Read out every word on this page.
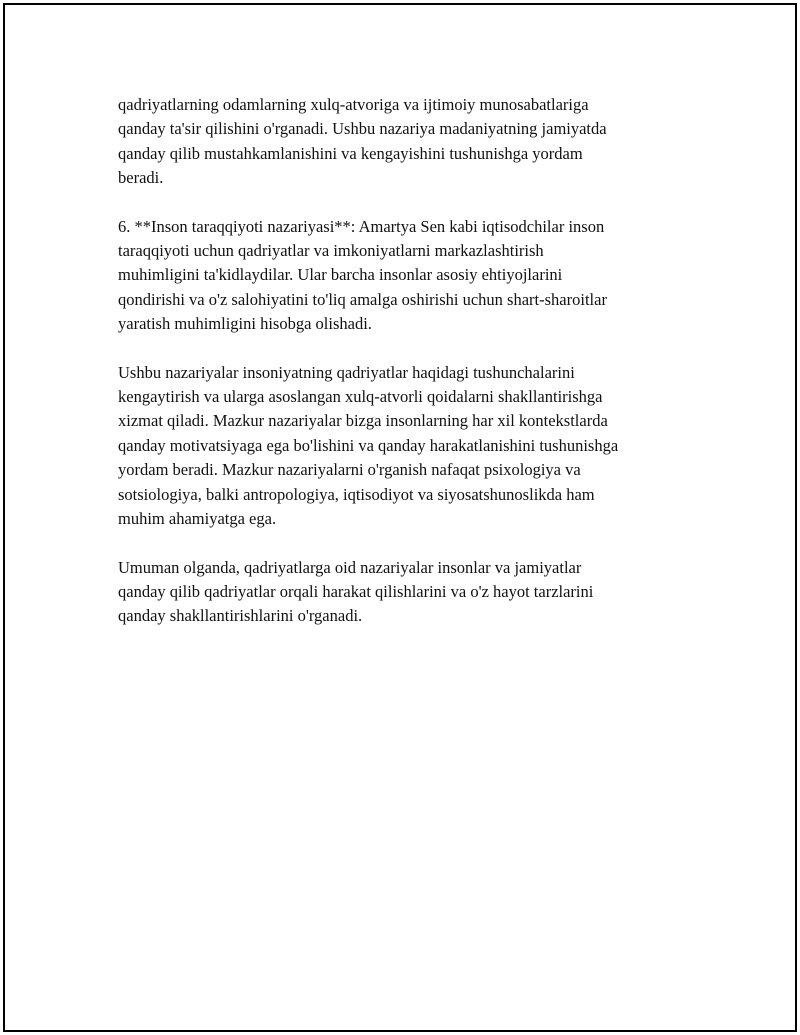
qadriyatlarning odamlarning xulq-atvoriga va ijtimoiy munosabatlariga
qanday ta'sir qilishini o'rganadi. Ushbu nazariya madaniyatning jamiyatda
qanday qilib mustahkamlanishini va kengayishini tushunishga yordam
beradi.

6. **Inson taraqqiyoti nazariyasi**: Amartya Sen kabi iqtisodchilar inson
taraqqiyoti uchun qadriyatlar va imkoniyatlarni markazlashtirish
muhimligini ta'kidlaydilar. Ular barcha insonlar asosiy ehtiyojlarini
qondirishi va o'z salohiyatini to'liq amalga oshirishi uchun shart-sharoitlar
yaratish muhimligini hisobga olishadi.

Ushbu nazariyalar insoniyatning qadriyatlar haqidagi tushunchalarini
kengaytirish va ularga asoslangan xulq-atvorli qoidalarni shakllantirishga
xizmat qiladi. Mazkur nazariyalar bizga insonlarning har xil kontekstlarda
qanday motivatsiyaga ega bo'lishini va qanday harakatlanishini tushunishga
yordam beradi. Mazkur nazariyalarni o'rganish nafaqat psixologiya va
sotsiologiya, balki antropologiya, iqtisodiyot va siyosatshunoslikda ham
muhim ahamiyatga ega.

Umuman olganda, qadriyatlarga oid nazariyalar insonlar va jamiyatlar
qanday qilib qadriyatlar orqali harakat qilishlarini va o'z hayot tarzlarini
qanday shakllantirishlarini o'rganadi.
